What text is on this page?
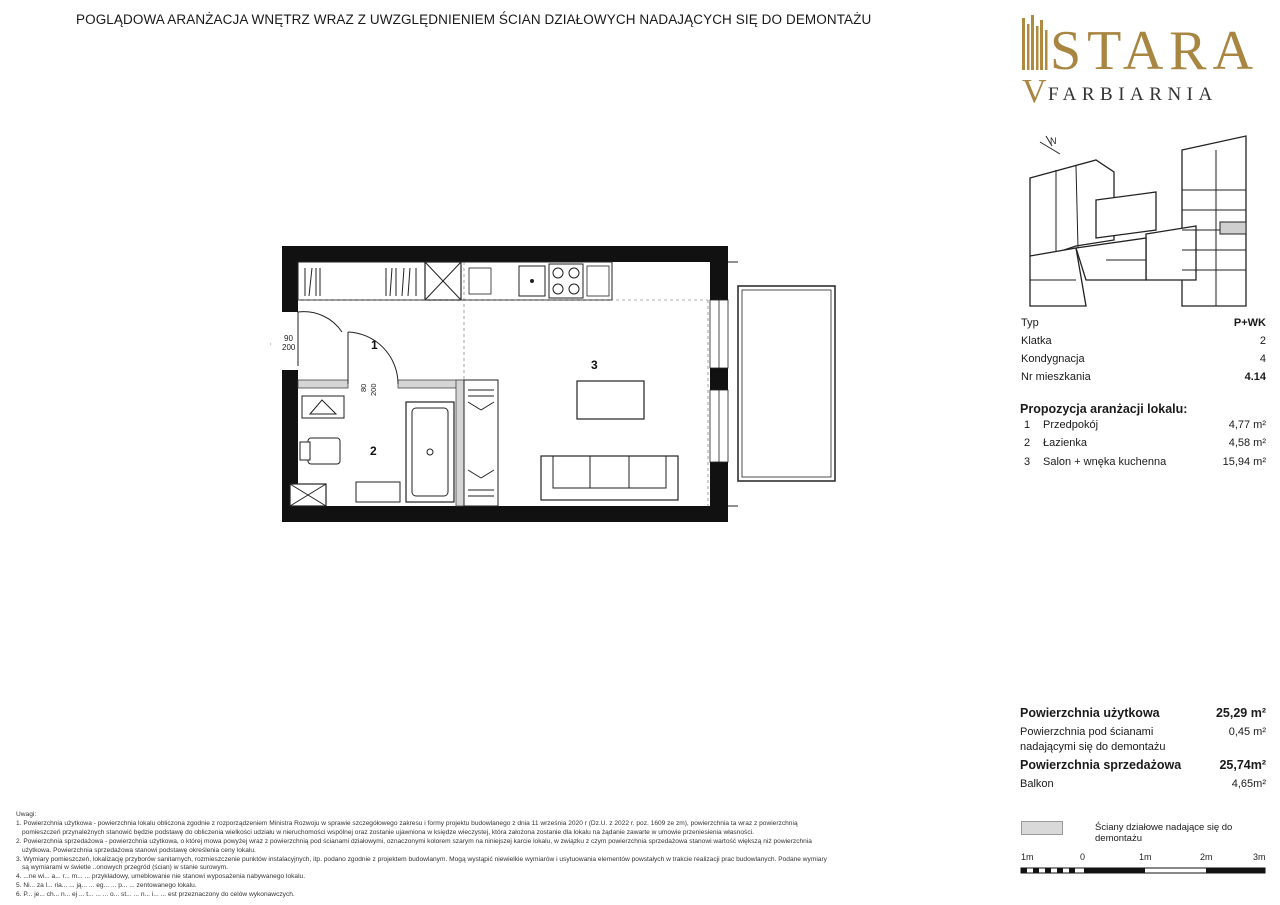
POGLĄDOWA ARANŻACJA WNĘTRZ WRAZ Z UWZGLĘDNIENIEM ŚCIAN DZIAŁOWYCH NADAJĄCYCH SIĘ DO DEMONTAŻU
STARA
V FARBIARNIA
N
Typ	P+WK
Klatka	2
Kondygnacja	4
Nr mieszkania	4.14
Propozycja aranżacji lokalu:
1 Przedpokój	4,77 m²
2 Łazienka	4,58 m²
3 Salon + wnęka kuchenna	15,94 m²
Powierzchnia użytkowa	25,29 m²
Powierzchnia pod ścianami
nadającymi się do demontażu
0,45 m²
Powierzchnia sprzedażowa	25,74m²
Balkon	4,65m²
Ściany działowe nadające się do demontażu
1m	0	1m	2m	3m
Uwagi:
1. Powierzchnia użytkowa - powierzchnia lokalu obliczona zgodnie z rozporządzeniem Ministra Rozwoju w sprawie szczegółowego zakresu i formy projektu budowlanego z dnia 11 września 2020 r (Dz.U. z 2022 r. poz. 1609 ze zm), powierzchnia ta wraz z powierzchnią
pomieszczeń przynależnych stanowić będzie podstawę do obliczenia wielkości udziału w nieruchomości wspólnej oraz zostanie ujawniona w księdze wieczystej, która założona zostanie dla lokalu na żądanie zawarte w umowie przeniesienia własności.
2. Powierzchnia sprzedażowa - powierzchnia użytkowa, o której mowa powyżej wraz z powierzchnią pod ścianami działowymi, oznaczonymi kolorem szarym na niniejszej karcie lokalu, w związku z czym powierzchnia sprzedażowa stanowi wartość większą niż powierzchnia
użytkowa. Powierzchnia sprzedażowa stanowi podstawę określenia ceny lokalu.
3. Wymiary pomieszczeń, lokalizację przyborów sanitarnych, rozmieszczenie punktów instalacyjnych, itp. podano zgodnie z projektem budowlanym. Mogą wystąpić niewielkie wymiarów i usytuowania elementów powstałych w trakcie realizacji prac budowlanych. Podane wymiary
są wymiarami w świetle ..onowych przegród (ścian) w stanie surowym.
4. ...ne wi... a... r... m... ... przykładowy, umeblowanie nie stanowi wyposażenia nabywanego lokalu.
5. Ni... za l... ria... ... ją... ... eg... ... p... ... zentowanego lokalu.
6. P... je... ch... n... ej ... t... ... ... o... st... ... n... i... ... est przeznaczony do celów wykonawczych.
90
200
80 200
1
2
3
